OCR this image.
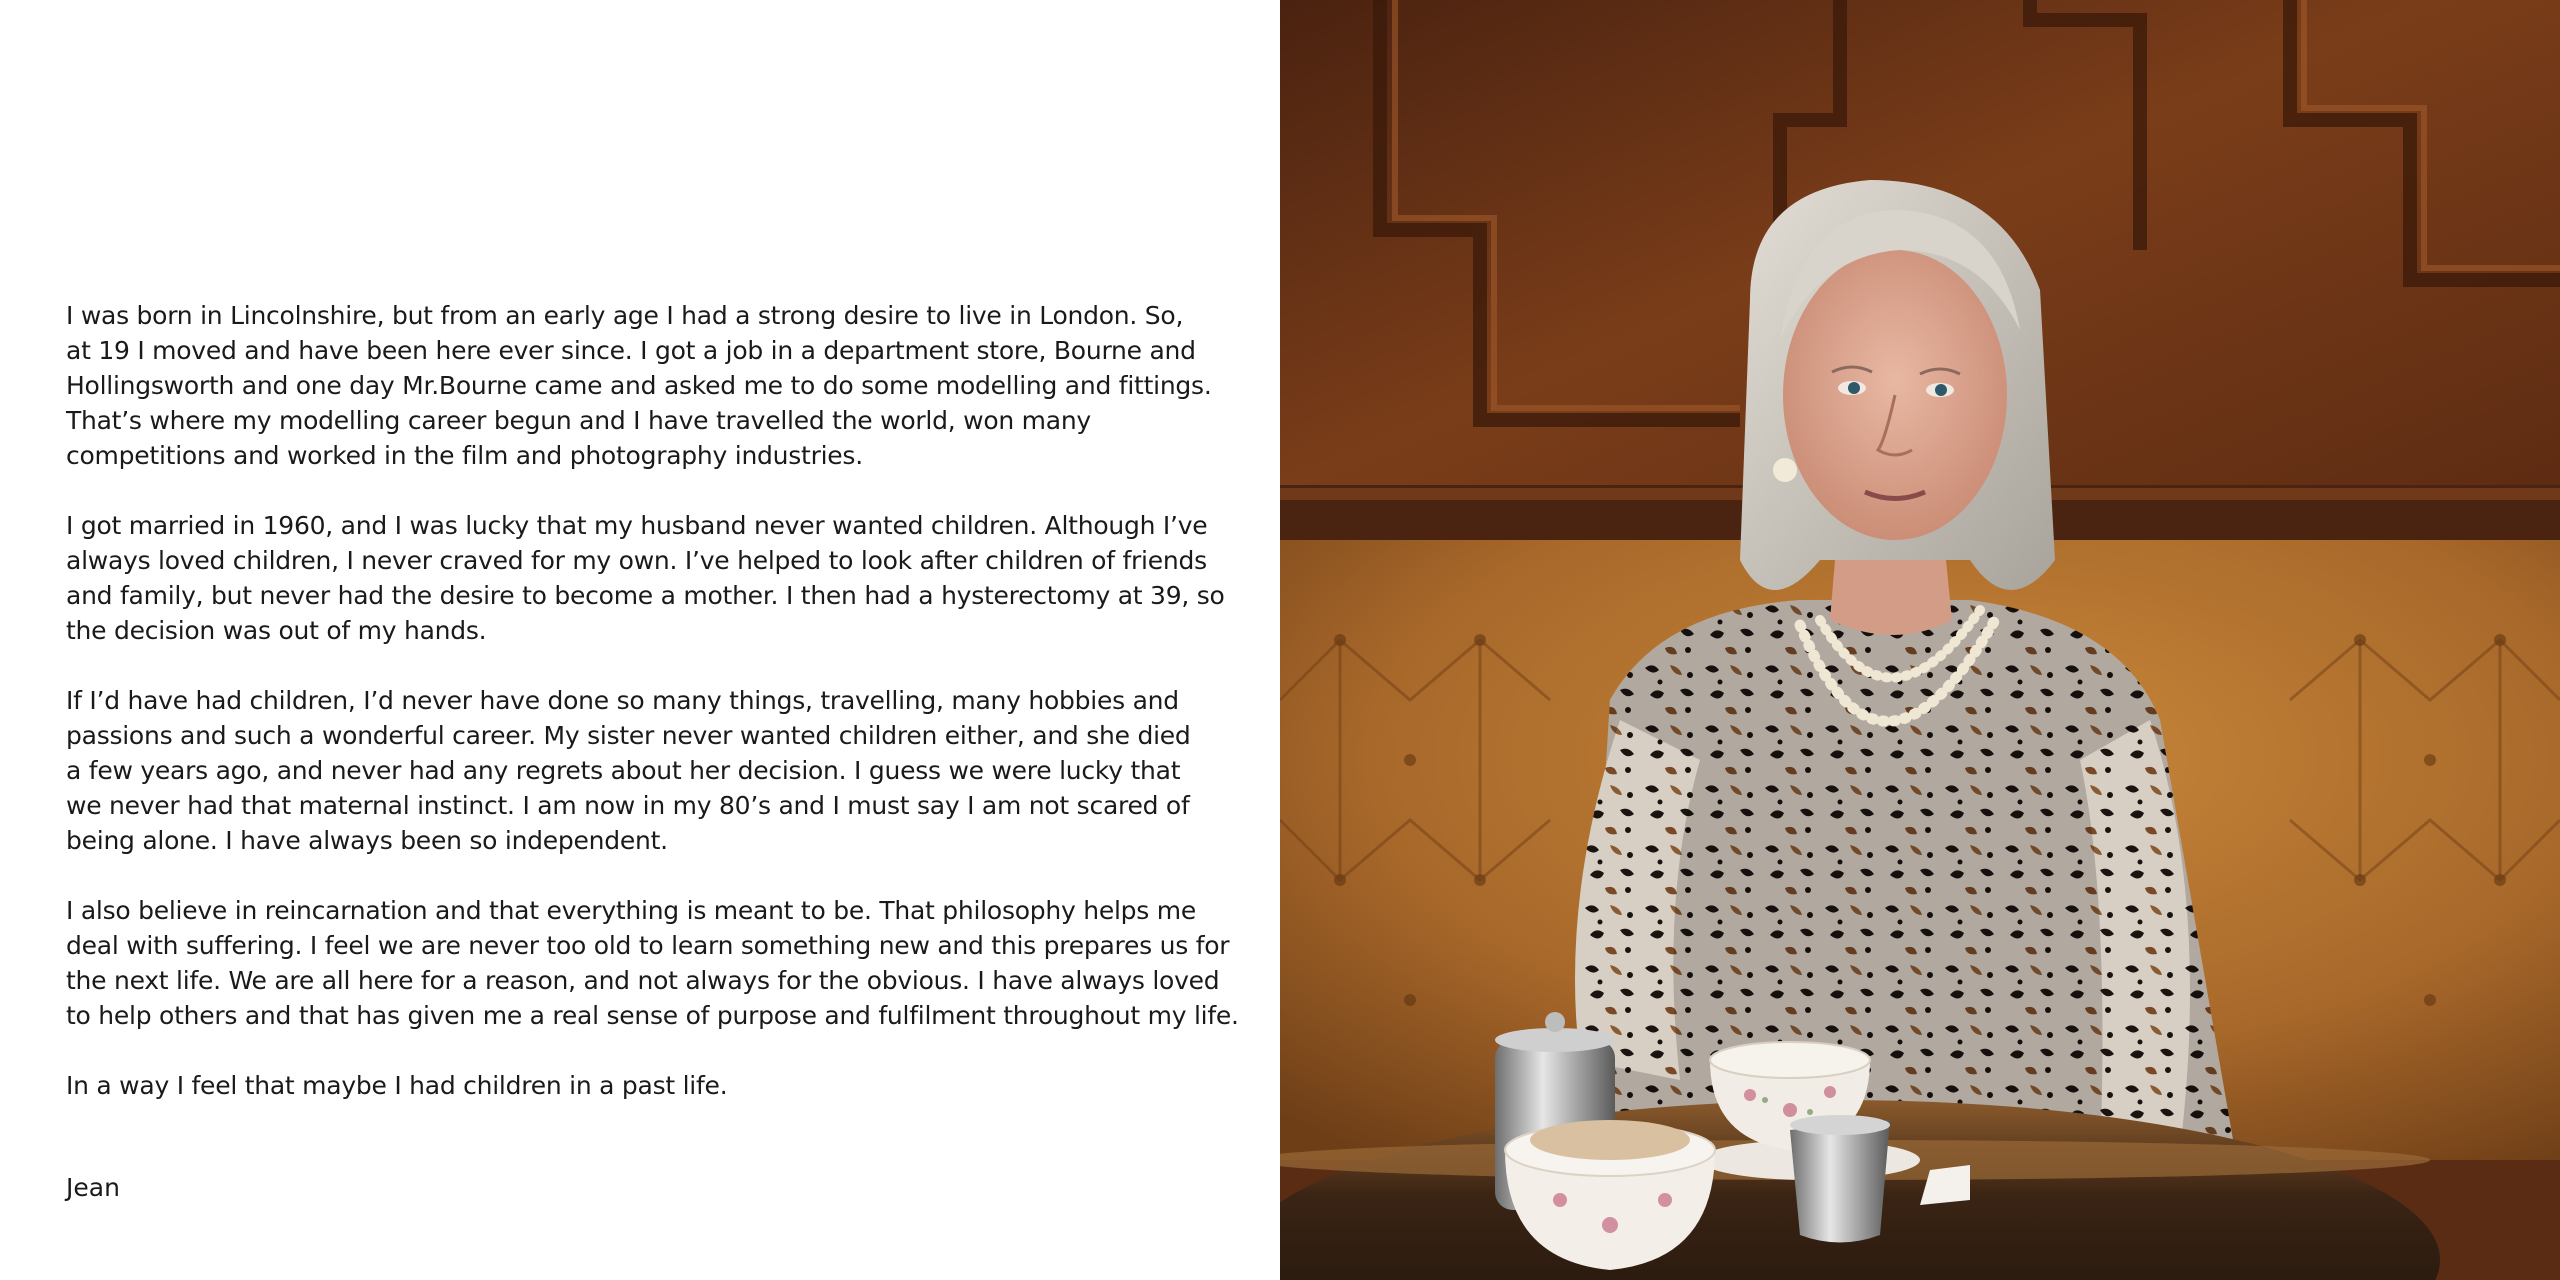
I was born in Lincolnshire, but from an early age I had a strong desire to live in London. So,
at 19 I moved and have been here ever since. I got a job in a department store, Bourne and
Hollingsworth and one day Mr.Bourne came and asked me to do some modelling and fittings.
That’s where my modelling career begun and I have travelled the world, won many
competitions and worked in the film and photography industries.

I got married in 1960, and I was lucky that my husband never wanted children. Although I’ve
always loved children, I never craved for my own. I’ve helped to look after children of friends
and family, but never had the desire to become a mother. I then had a hysterectomy at 39, so
the decision was out of my hands.

If I’d have had children, I’d never have done so many things, travelling, many hobbies and
passions and such a wonderful career. My sister never wanted children either, and she died
a few years ago, and never had any regrets about her decision. I guess we were lucky that
we never had that maternal instinct. I am now in my 80’s and I must say I am not scared of
being alone. I have always been so independent.

I also believe in reincarnation and that everything is meant to be. That philosophy helps me
deal with suffering. I feel we are never too old to learn something new and this prepares us for
the next life. We are all here for a reason, and not always for the obvious. I have always loved
to help others and that has given me a real sense of purpose and fulfilment throughout my life.

In a way I feel that maybe I had children in a past life.

Jean
